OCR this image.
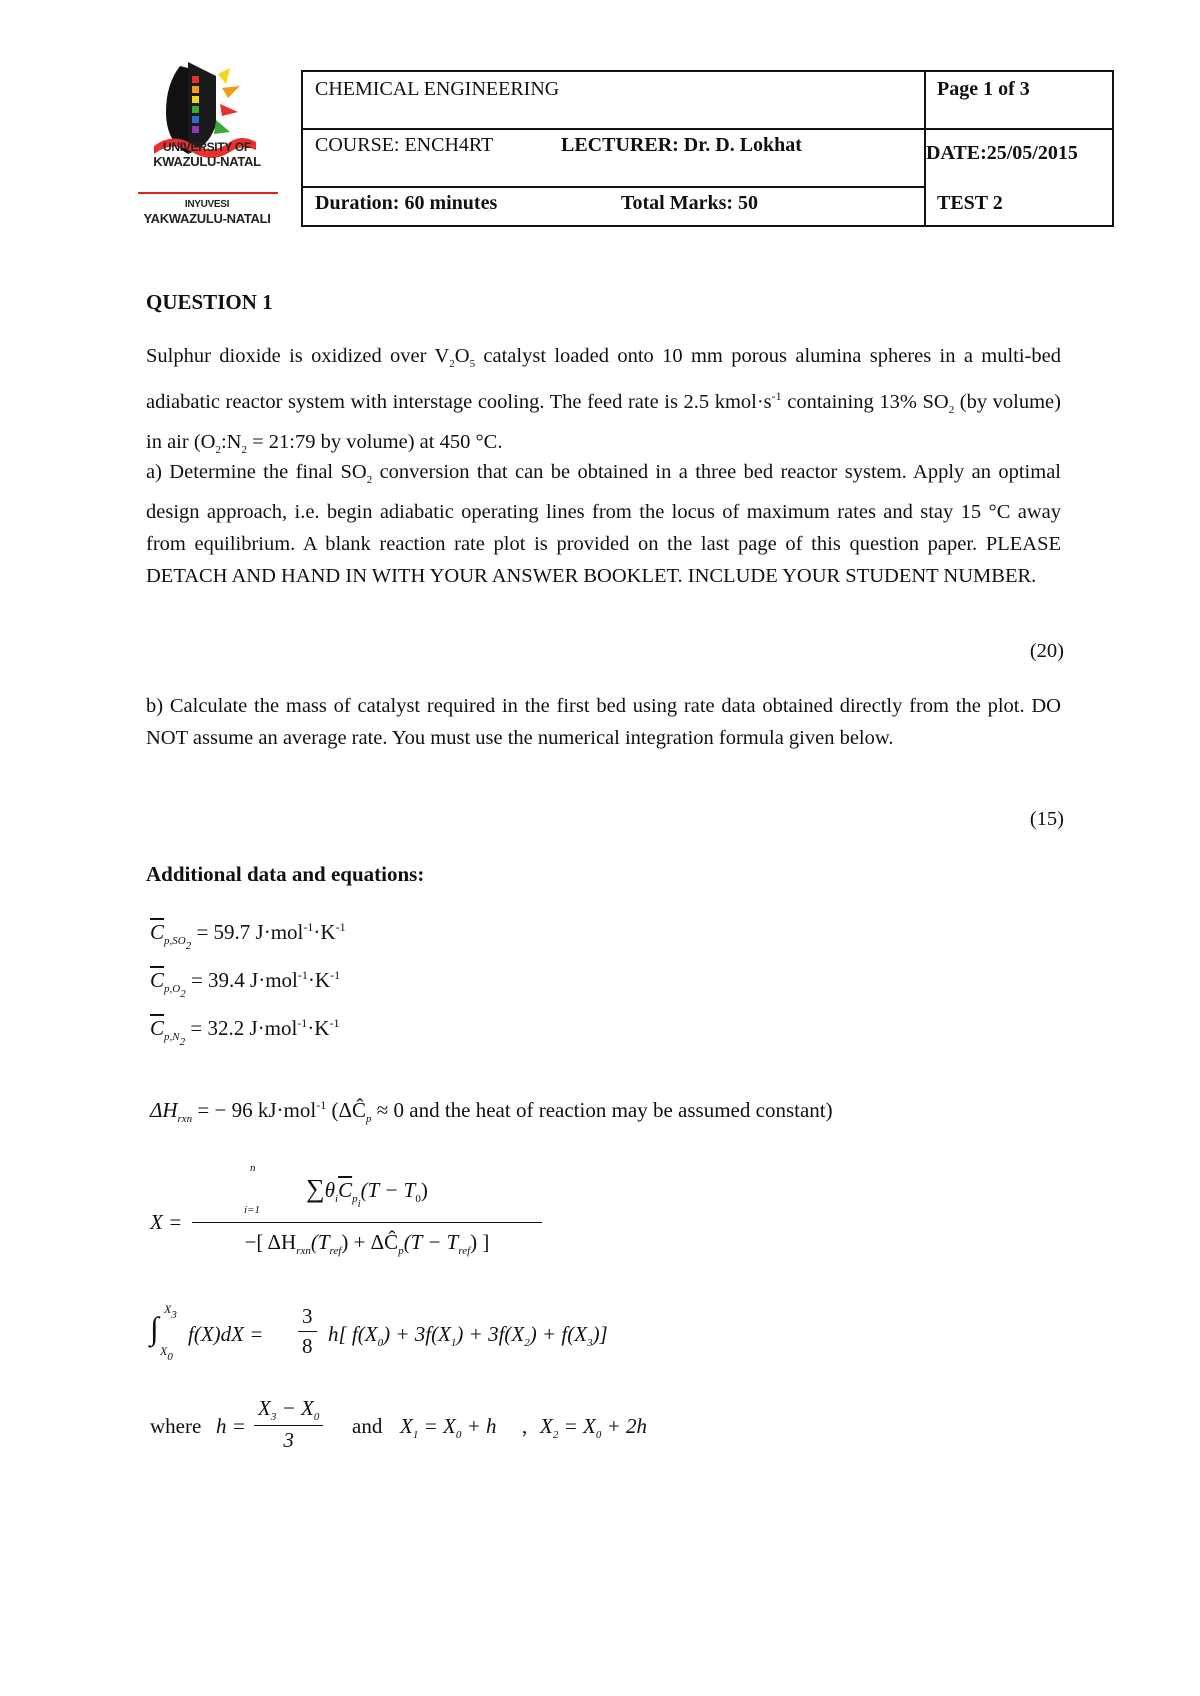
UNIVERSITY OF
KWAZULU-NATAL
INYUVESI
YAKWAZULU-NATALI
CHEMICAL ENGINEERING	Page 1 of 3
COURSE: ENCH4RT	LECTURER: Dr. D. Lokhat	DATE:25/05/2015
Duration: 60 minutes	Total Marks: 50	TEST 2
QUESTION 1
Sulphur dioxide is oxidized over $V_2O_5$ catalyst loaded onto 10 mm porous alumina spheres in a multi-bed adiabatic reactor system with interstage cooling. The feed rate is 2.5 $kmol\cdot s^{-1}$ containing 13% $SO_2$ (by volume) in air ($O_2:N_2$ = 21:79 by volume) at 450 °C.
a) Determine the final $SO_2$ conversion that can be obtained in a three bed reactor system. Apply an optimal design approach, i.e. begin adiabatic operating lines from the locus of maximum rates and stay 15 °C away from equilibrium. A blank reaction rate plot is provided on the last page of this question paper. PLEASE DETACH AND HAND IN WITH YOUR ANSWER BOOKLET. INCLUDE YOUR STUDENT NUMBER.
(20)
b) Calculate the mass of catalyst required in the first bed using rate data obtained directly from the plot. DO NOT assume an average rate. You must use the numerical integration formula given below.
(15)
Additional data and equations:
$\overline{C}_{p,SO_2} = 59.7$ $J\cdot mol^{-1}\cdot K^{-1}$
$\overline{C}_{p,O_2} = 39.4$ $J\cdot mol^{-1}\cdot K^{-1}$
$\overline{C}_{p,N_2} = 32.2$ $J\cdot mol^{-1}\cdot K^{-1}$
$\Delta H_{rxn}$ = − 96 kJ·mol$^{-1}$ ($\Delta Ĉ_p \approx 0$ and the heat of reaction may be assumed constant)
X =
n
$\sum\theta_i\overline{C}_{p_i}(T - T_0)$
i=1
−[ $\Delta H_{rxn}(T_{ref})$ + $\Delta Ĉ_p(T - T_{ref})$ ]
∫
$X_3$
$X_0$
$f(X)dX = \frac{3}{8} h$[ $f(X_0) + 3f(X_1) + 3f(X_2) + f(X_3)$]
where $h = \frac{X_3 - X_0}{3}$ and $X_1 = X_0 + h$ , $X_2 = X_0 + 2h$
